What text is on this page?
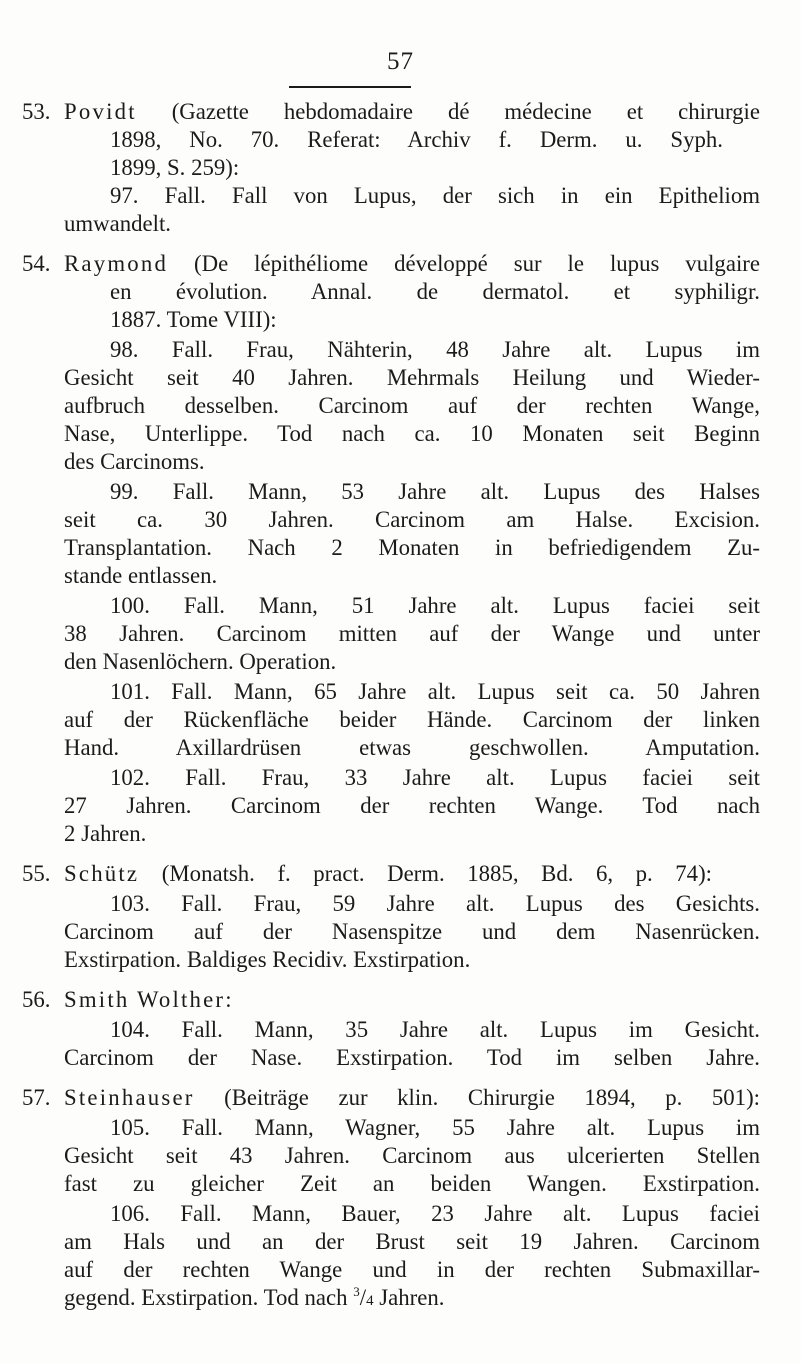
57
53. Povidt (Gazette hebdomadaire dé médecine et chirurgie
1898, No. 70. Referat: Archiv f. Derm. u. Syph.
1899, S. 259):
97. Fall. Fall von Lupus, der sich in ein Epitheliom
umwandelt.
54. Raymond (De lépithéliome développé sur le lupus vulgaire
en évolution. Annal. de dermatol. et syphiligr.
1887. Tome VIII):
98. Fall. Frau, Nähterin, 48 Jahre alt. Lupus im
Gesicht seit 40 Jahren. Mehrmals Heilung und Wieder-
aufbruch desselben. Carcinom auf der rechten Wange,
Nase, Unterlippe. Tod nach ca. 10 Monaten seit Beginn
des Carcinoms.
99. Fall. Mann, 53 Jahre alt. Lupus des Halses
seit ca. 30 Jahren. Carcinom am Halse. Excision.
Transplantation. Nach 2 Monaten in befriedigendem Zu-
stande entlassen.
100. Fall. Mann, 51 Jahre alt. Lupus faciei seit
38 Jahren. Carcinom mitten auf der Wange und unter
den Nasenlöchern. Operation.
101. Fall. Mann, 65 Jahre alt. Lupus seit ca. 50 Jahren
auf der Rückenfläche beider Hände. Carcinom der linken
Hand. Axillardrüsen etwas geschwollen. Amputation.
102. Fall. Frau, 33 Jahre alt. Lupus faciei seit
27 Jahren. Carcinom der rechten Wange. Tod nach
2 Jahren.
55. Schütz (Monatsh. f. pract. Derm. 1885, Bd. 6, p. 74):
103. Fall. Frau, 59 Jahre alt. Lupus des Gesichts.
Carcinom auf der Nasenspitze und dem Nasenrücken.
Exstirpation. Baldiges Recidiv. Exstirpation.
56. Smith Wolther:
104. Fall. Mann, 35 Jahre alt. Lupus im Gesicht.
Carcinom der Nase. Exstirpation. Tod im selben Jahre.
57. Steinhauser (Beiträge zur klin. Chirurgie 1894, p. 501):
105. Fall. Mann, Wagner, 55 Jahre alt. Lupus im
Gesicht seit 43 Jahren. Carcinom aus ulcerierten Stellen
fast zu gleicher Zeit an beiden Wangen. Exstirpation.
106. Fall. Mann, Bauer, 23 Jahre alt. Lupus faciei
am Hals und an der Brust seit 19 Jahren. Carcinom
auf der rechten Wange und in der rechten Submaxillar-
gegend. Exstirpation. Tod nach $^3$/4 Jahren.
